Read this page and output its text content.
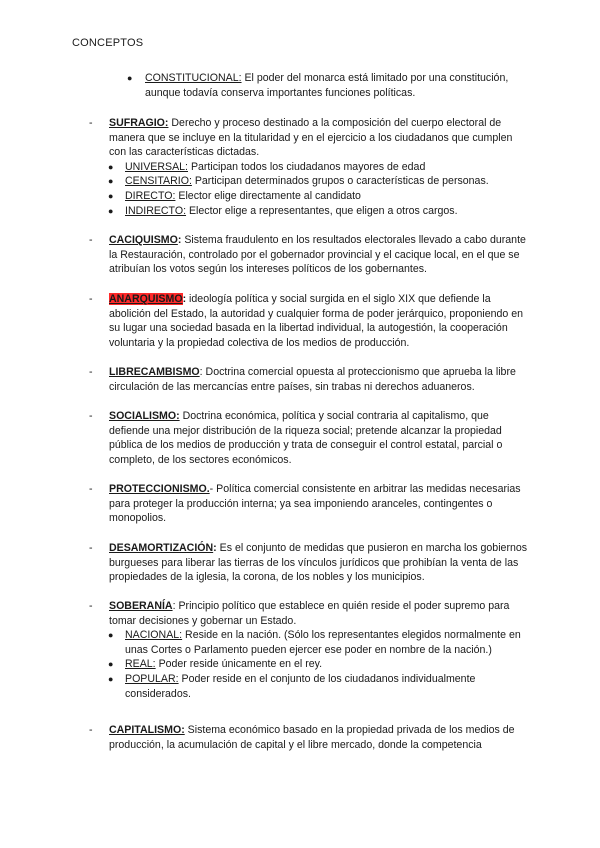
CONCEPTOS
● CONSTITUCIONAL: El poder del monarca está limitado por una constitución, aunque todavía conserva importantes funciones políticas.
- SUFRAGIO: Derecho y proceso destinado a la composición del cuerpo electoral de manera que se incluye en la titularidad y en el ejercicio a los ciudadanos que cumplen con las características dictadas.
● UNIVERSAL: Participan todos los ciudadanos mayores de edad
● CENSITARIO: Participan determinados grupos o características de personas.
● DIRECTO: Elector elige directamente al candidato
● INDIRECTO: Elector elige a representantes, que eligen a otros cargos.
- CACIQUISMO: Sistema fraudulento en los resultados electorales llevado a cabo durante la Restauración, controlado por el gobernador provincial y el cacique local, en el que se atribuían los votos según los intereses políticos de los gobernantes.
- ANARQUISMO: ideología política y social surgida en el siglo XIX que defiende la abolición del Estado, la autoridad y cualquier forma de poder jerárquico, proponiendo en su lugar una sociedad basada en la libertad individual, la autogestión, la cooperación voluntaria y la propiedad colectiva de los medios de producción.
- LIBRECAMBISMO: Doctrina comercial opuesta al proteccionismo que aprueba la libre circulación de las mercancías entre países, sin trabas ni derechos aduaneros.
- SOCIALISMO: Doctrina económica, política y social contraria al capitalismo, que defiende una mejor distribución de la riqueza social; pretende alcanzar la propiedad pública de los medios de producción y trata de conseguir el control estatal, parcial o completo, de los sectores económicos.
- PROTECCIONISMO.- Política comercial consistente en arbitrar las medidas necesarias para proteger la producción interna; ya sea imponiendo aranceles, contingentes o monopolios.
- DESAMORTIZACIÓN: Es el conjunto de medidas que pusieron en marcha los gobiernos burgueses para liberar las tierras de los vínculos jurídicos que prohibían la venta de las propiedades de la iglesia, la corona, de los nobles y los municipios.
- SOBERANÍA: Principio político que establece en quién reside el poder supremo para tomar decisiones y gobernar un Estado.
● NACIONAL: Reside en la nación. (Sólo los representantes elegidos normalmente en unas Cortes o Parlamento pueden ejercer ese poder en nombre de la nación.)
● REAL: Poder reside únicamente en el rey.
● POPULAR: Poder reside en el conjunto de los ciudadanos individualmente considerados.
- CAPITALISMO: Sistema económico basado en la propiedad privada de los medios de producción, la acumulación de capital y el libre mercado, donde la competencia
